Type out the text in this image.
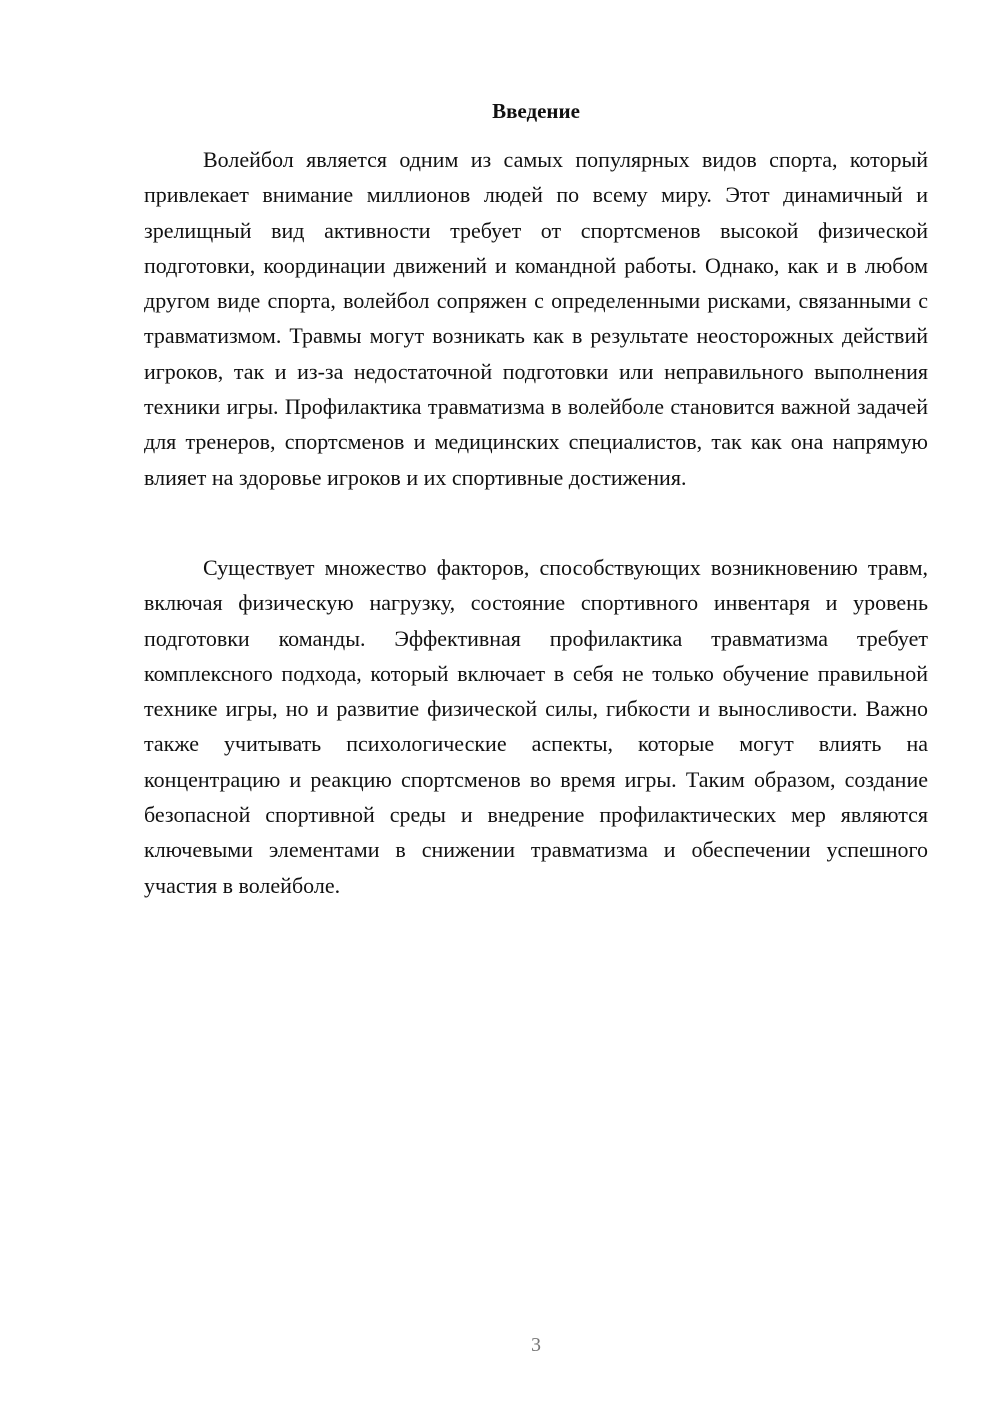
Введение

Волейбол является одним из самых популярных видов спорта, который привлекает внимание миллионов людей по всему миру. Этот динамичный и зрелищный вид активности требует от спортсменов высокой физической подготовки, координации движений и командной работы. Однако, как и в любом другом виде спорта, волейбол сопряжен с определенными рисками, связанными с травматизмом. Травмы могут возникать как в результате неосторожных действий игроков, так и из-за недостаточной подготовки или неправильного выполнения техники игры. Профилактика травматизма в волейболе становится важной задачей для тренеров, спортсменов и медицинских специалистов, так как она напрямую влияет на здоровье игроков и их спортивные достижения.

Существует множество факторов, способствующих возникновению травм, включая физическую нагрузку, состояние спортивного инвентаря и уровень подготовки команды. Эффективная профилактика травматизма требует комплексного подхода, который включает в себя не только обучение правильной технике игры, но и развитие физической силы, гибкости и выносливости. Важно также учитывать психологические аспекты, которые могут влиять на концентрацию и реакцию спортсменов во время игры. Таким образом, создание безопасной спортивной среды и внедрение профилактических мер являются ключевыми элементами в снижении травматизма и обеспечении успешного участия в волейболе.

3
